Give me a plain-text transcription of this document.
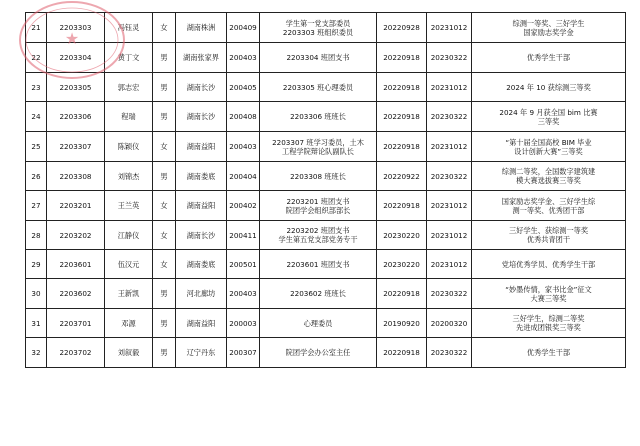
21	2203303	冯钰灵	女	湖南株洲	200409	学生第一党支部委员
2203303 班组织委员	20220928	20231012	综测一等奖、三好学生
国家励志奖学金
22	2203304	黄丁文	男	湖南张家界	200403	2203304 班团支书	20220918	20230322	优秀学生干部
23	2203305	郭志宏	男	湖南长沙	200405	2203305 班心理委员	20220918	20231012	2024 年 10 获综测三等奖
24	2203306	程瑞	男	湖南长沙	200408	2203306 班班长	20220918	20230322	2024 年 9 月获全国 bim 比赛
三等奖
25	2203307	陈颖仪	女	湖南益阳	200403	2203307 班学习委员，土木
工程学院辩论队副队长	20220918	20231012	“第十届全国高校 BIM 毕业
设计创新大赛”三等奖
26	2203308	刘锦杰	男	湖南娄底	200404	2203308 班班长	20220922	20230322	综测二等奖，全国数字建筑建
模大赛选拔赛三等奖
27	2203201	王兰英	女	湖南益阳	200402	2203201 班团支书
院团学会组织部部长	20220918	20231012	国家励志奖学金、三好学生综
测一等奖、优秀团干部
28	2203202	江静仪	女	湖南长沙	200411	2203202 班团支书
学生第五党支部党务专干	20230220	20231012	三好学生、获综测一等奖
优秀共青团干
29	2203601	伍汉元	女	湖南娄底	200501	2203601 班团支书	20230220	20231012	党培优秀学员、优秀学生干部
30	2203602	王新凯	男	河北廊坊	200403	2203602 班班长	20220918	20230322	“妙墨传情，家书比金”征文
大赛三等奖
31	2203701	邓源	男	湖南益阳	200003	心理委员	20190920	20200320	三好学生，综测二等奖
先进成团银奖三等奖
32	2203702	刘叙毅	男	辽宁丹东	200307	院团学会办公室主任	20220918	20230322	优秀学生干部
★
